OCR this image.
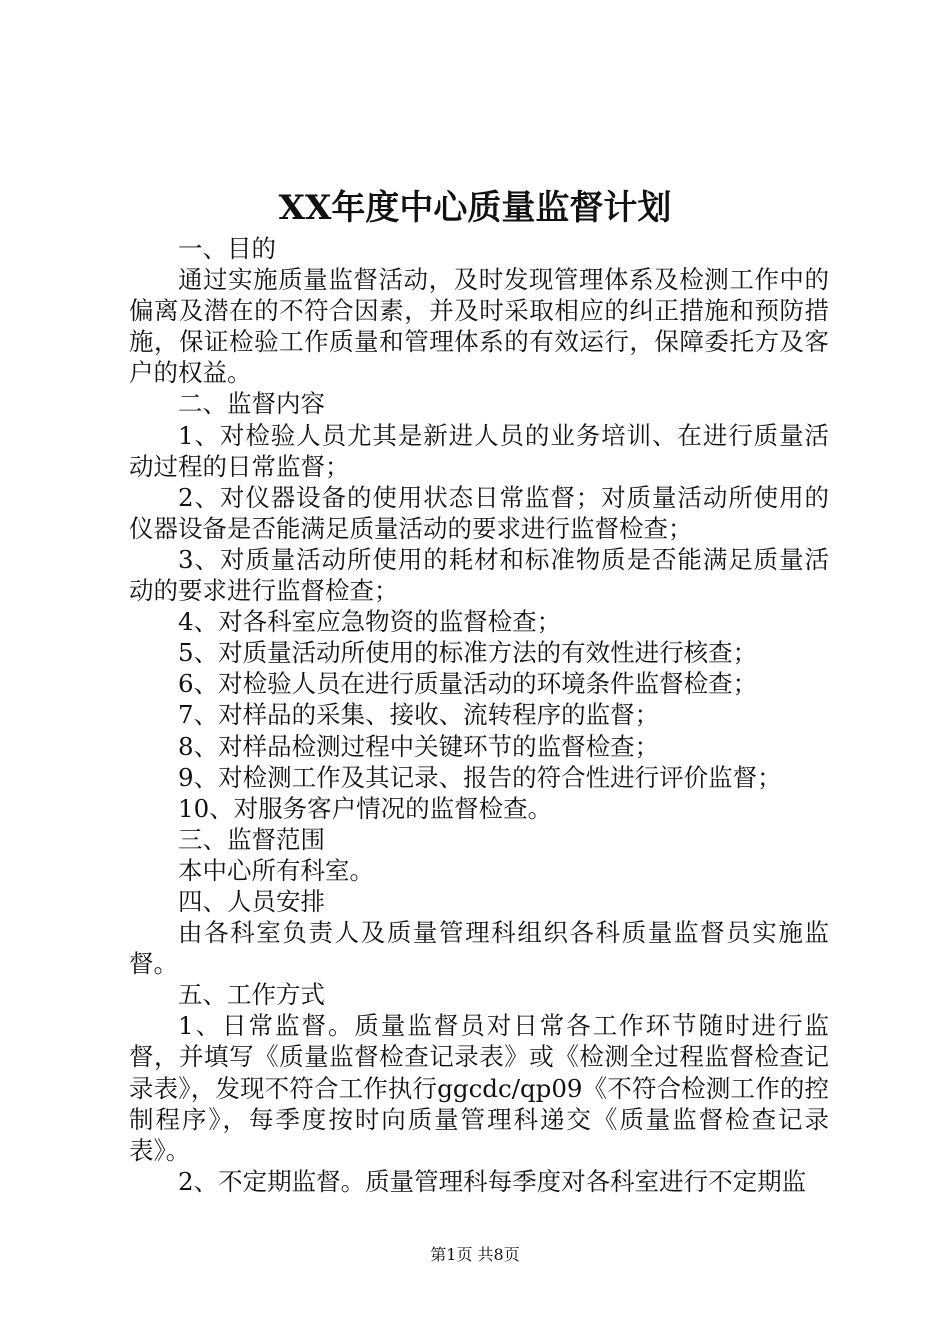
XX年度中心质量监督计划

一、目的

通过实施质量监督活动，及时发现管理体系及检测工作中的偏离及潜在的不符合因素，并及时采取相应的纠正措施和预防措施，保证检验工作质量和管理体系的有效运行，保障委托方及客户的权益。

二、监督内容

1、对检验人员尤其是新进人员的业务培训、在进行质量活动过程的日常监督；

2、对仪器设备的使用状态日常监督；对质量活动所使用的仪器设备是否能满足质量活动的要求进行监督检查；

3、对质量活动所使用的耗材和标准物质是否能满足质量活动的要求进行监督检查；

4、对各科室应急物资的监督检查；

5、对质量活动所使用的标准方法的有效性进行核查；

6、对检验人员在进行质量活动的环境条件监督检查；

7、对样品的采集、接收、流转程序的监督；

8、对样品检测过程中关键环节的监督检查；

9、对检测工作及其记录、报告的符合性进行评价监督；

10、对服务客户情况的监督检查。

三、监督范围

本中心所有科室。

四、人员安排

由各科室负责人及质量管理科组织各科质量监督员实施监督。

五、工作方式

1、日常监督。质量监督员对日常各工作环节随时进行监督，并填写《质量监督检查记录表》或《检测全过程监督检查记录表》，发现不符合工作执行ggcdc/qp09《不符合检测工作的控制程序》，每季度按时向质量管理科递交《质量监督检查记录表》。

2、不定期监督。质量管理科每季度对各科室进行不定期监

第1页 共8页
